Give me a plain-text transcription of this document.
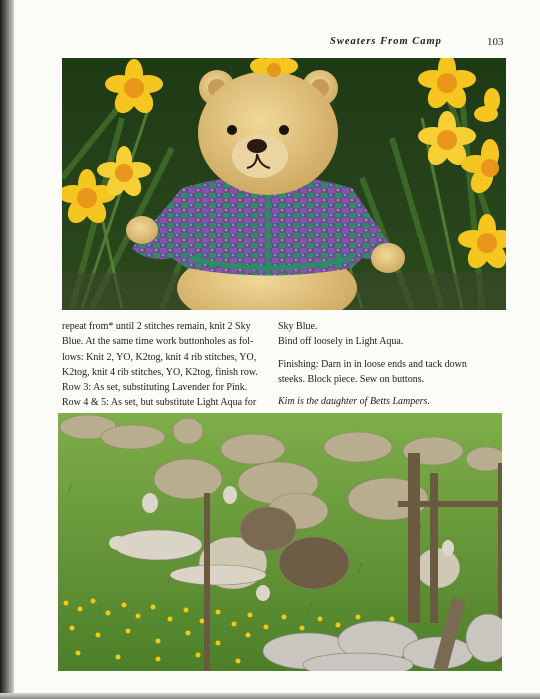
Sweaters From Camp	103

repeat from* until 2 stitches remain, knit 2 Sky

Blue. At the same time work buttonholes as fol-

lows: Knit 2, YO, K2tog, knit 4 rib stitches, YO,

K2tog, knit 4 rib stitches, YO, K2tog, finish row.

Row 3: As set, substituting Lavender for Pink.

Row 4 & 5: As set, but substitute Light Aqua for

Sky Blue.

Bind off loosely in Light Aqua.

Finishing: Darn in in loose ends and tack down

steeks. Block piece. Sew on buttons.

Kim is the daughter of Betts Lampers.
